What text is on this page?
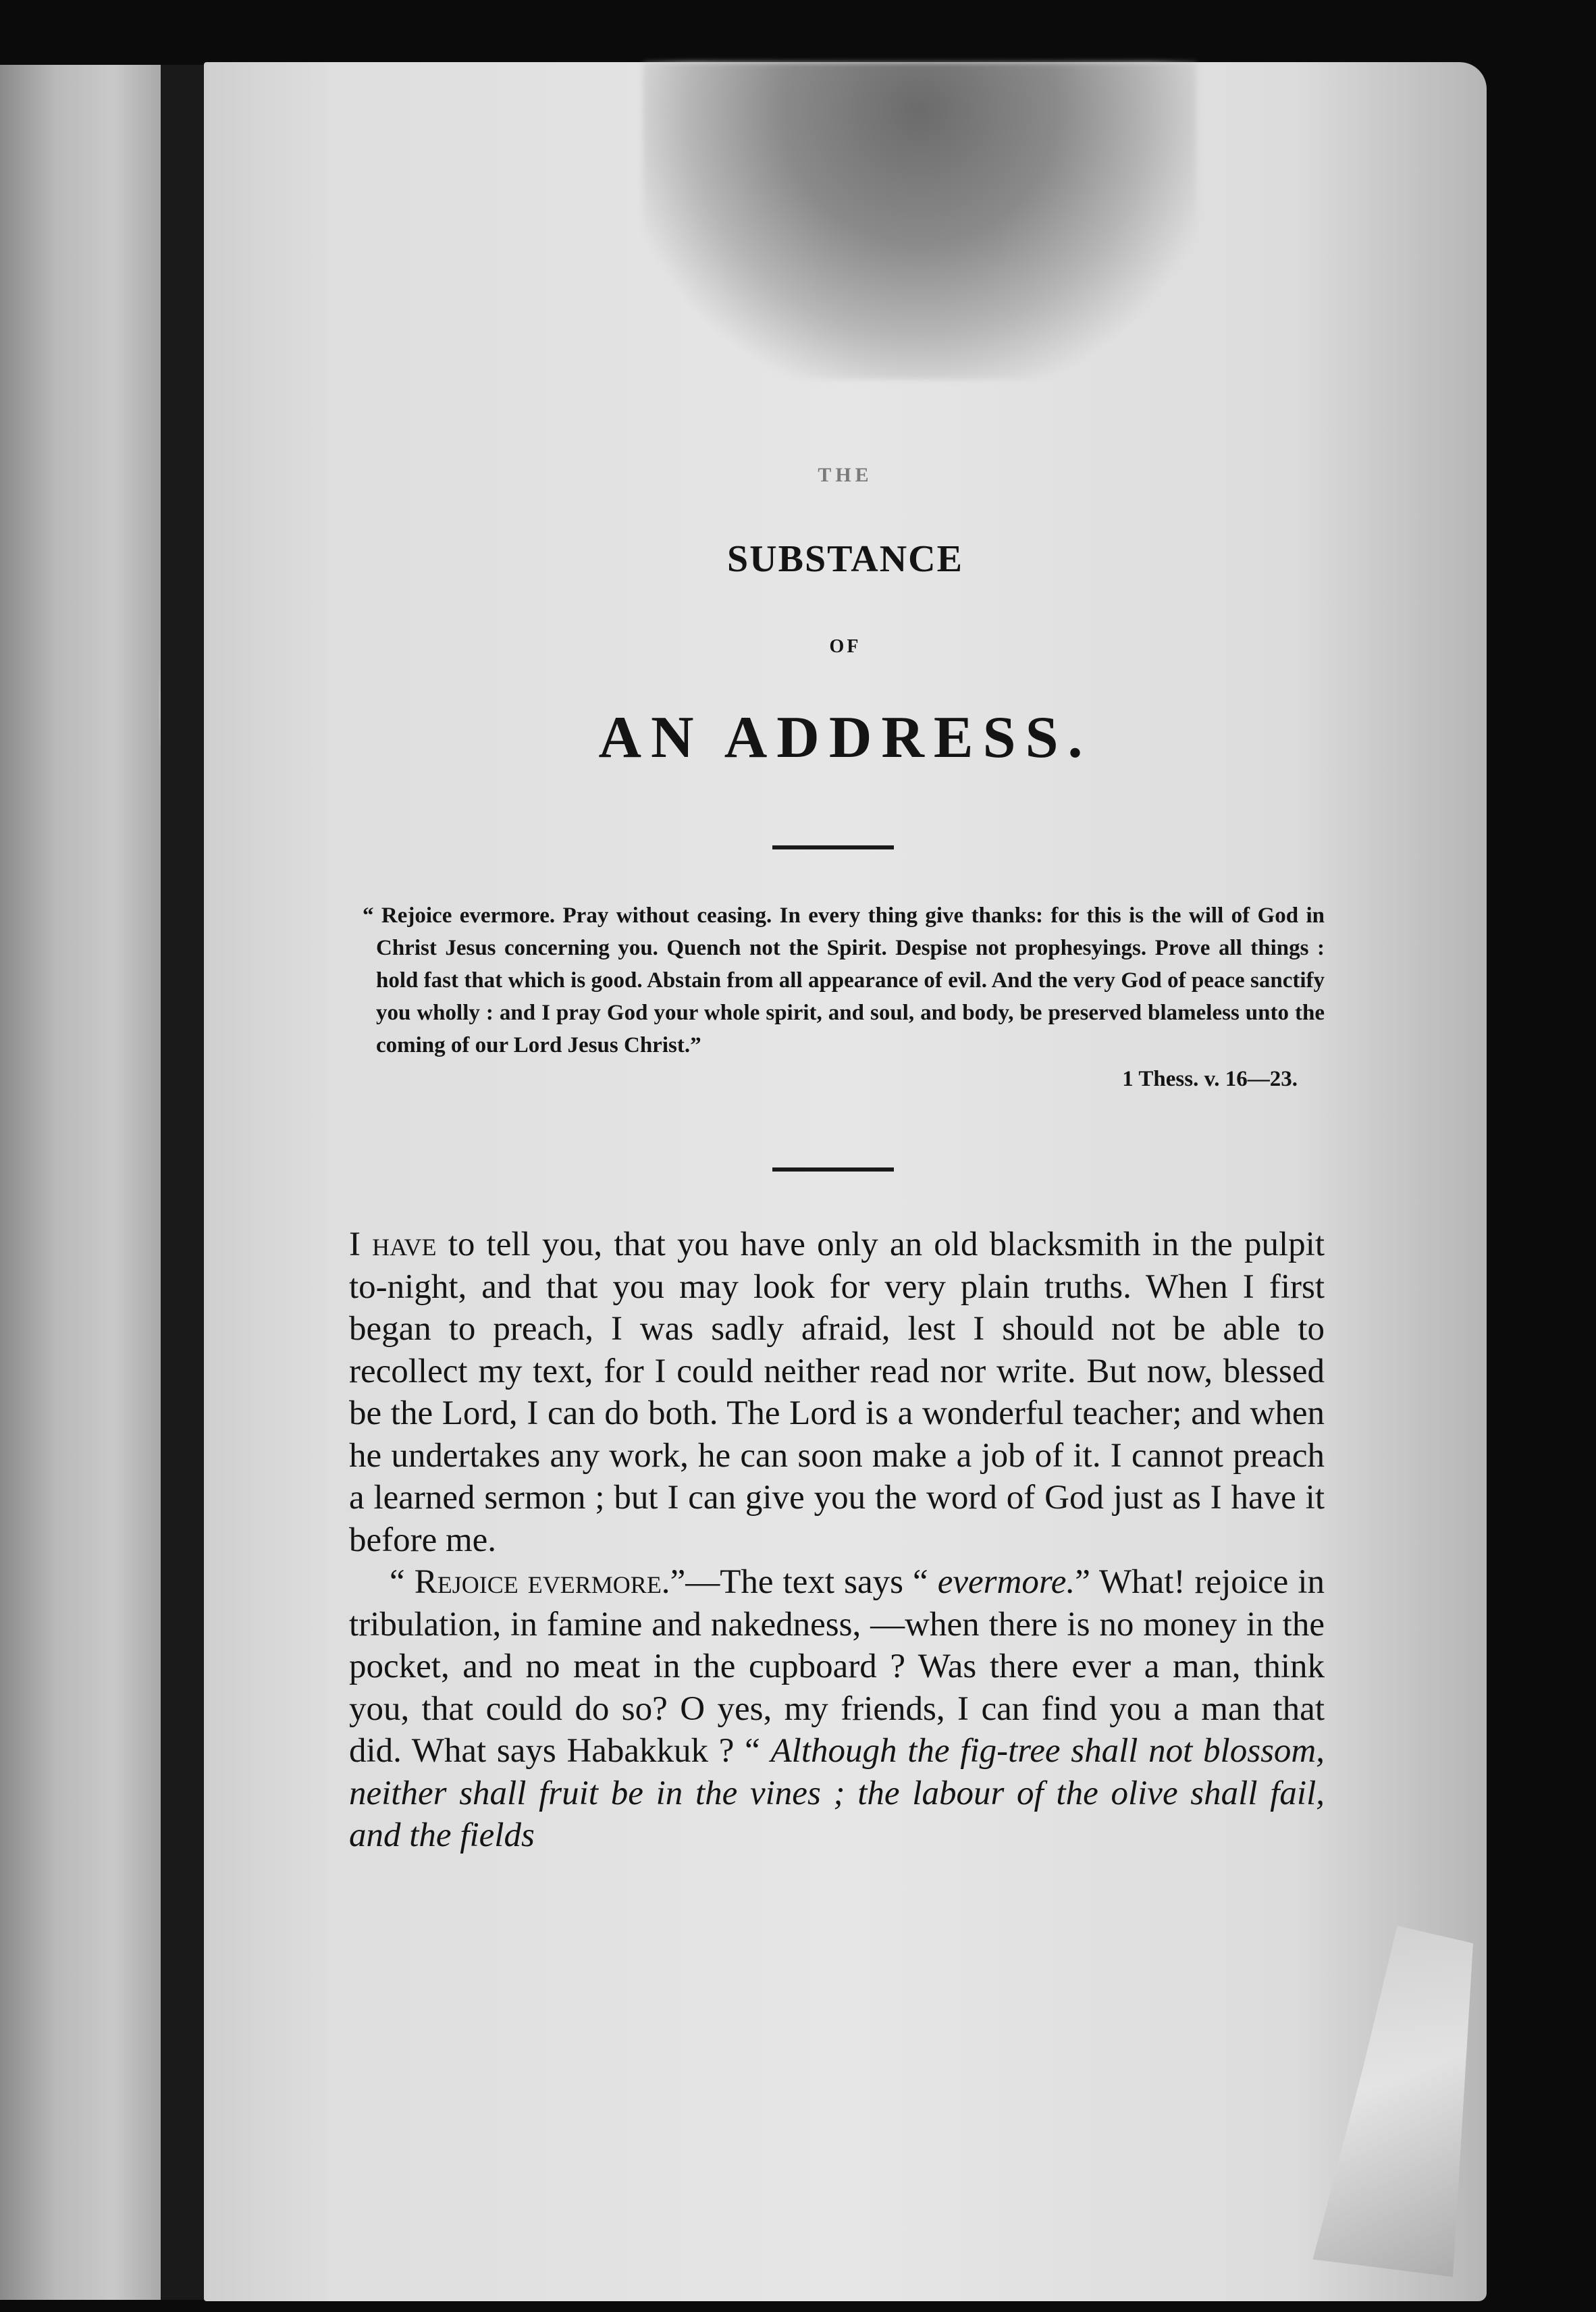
THE
SUBSTANCE
OF
AN ADDRESS.

“ Rejoice evermore. Pray without ceasing. In every thing give thanks: for this is the will of God in Christ Jesus concerning you. Quench not the Spirit. Despise not prophesyings. Prove all things : hold fast that which is good. Abstain from all appearance of evil. And the very God of peace sanctify you wholly : and I pray God your whole spirit, and soul, and body, be preserved blameless unto the coming of our Lord Jesus Christ.”

1 Thess. v. 16—23.

I have to tell you, that you have only an old blacksmith in the pulpit to-night, and that you may look for very plain truths. When I first began to preach, I was sadly afraid, lest I should not be able to recollect my text, for I could neither read nor write. But now, blessed be the Lord, I can do both. The Lord is a wonderful teacher; and when he undertakes any work, he can soon make a job of it. I cannot preach a learned sermon ; but I can give you the word of God just as I have it before me.

“ Rejoice evermore.”—The text says “ evermore.” What! rejoice in tribulation, in famine and nakedness, —when there is no money in the pocket, and no meat in the cupboard ? Was there ever a man, think you, that could do so? O yes, my friends, I can find you a man that did. What says Habakkuk ? “ Although the fig-tree shall not blossom, neither shall fruit be in the vines ; the labour of the olive shall fail, and the fields
